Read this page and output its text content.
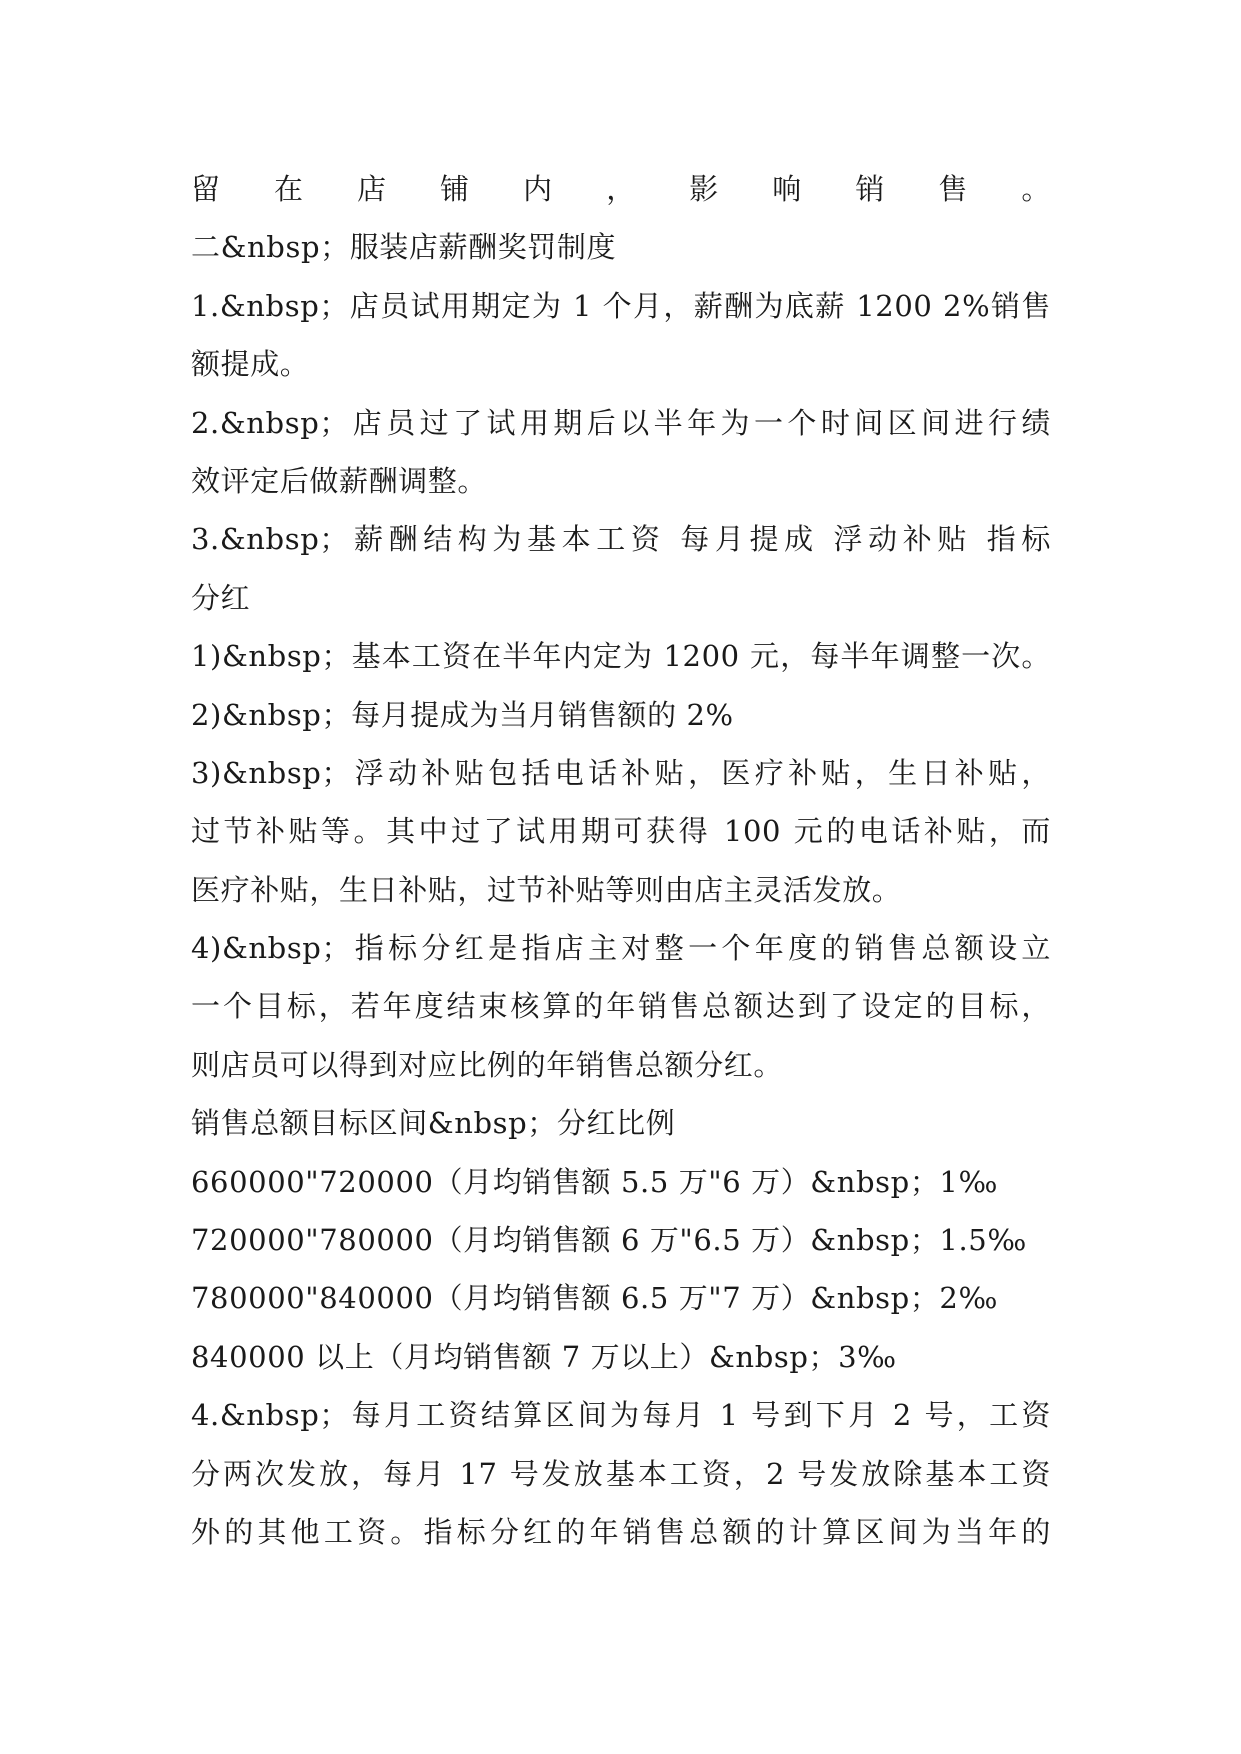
留在店铺内，影响销售。
二&nbsp；服装店薪酬奖罚制度
1.&nbsp；店员试用期定为 1 个月，薪酬为底薪 1200 2%销售
额提成。
2.&nbsp；店员过了试用期后以半年为一个时间区间进行绩
效评定后做薪酬调整。
3.&nbsp；薪酬结构为基本工资 每月提成 浮动补贴 指标
分红
1)&nbsp；基本工资在半年内定为 1200 元，每半年调整一次。
2)&nbsp；每月提成为当月销售额的 2%
3)&nbsp；浮动补贴包括电话补贴，医疗补贴，生日补贴，
过节补贴等。其中过了试用期可获得 100 元的电话补贴，而
医疗补贴，生日补贴，过节补贴等则由店主灵活发放。
4)&nbsp；指标分红是指店主对整一个年度的销售总额设立
一个目标，若年度结束核算的年销售总额达到了设定的目标，
则店员可以得到对应比例的年销售总额分红。
销售总额目标区间&nbsp；分红比例
660000"720000（月均销售额 5.5 万"6 万）&nbsp；1‰
720000"780000（月均销售额 6 万"6.5 万）&nbsp；1.5‰
780000"840000（月均销售额 6.5 万"7 万）&nbsp；2‰
840000 以上（月均销售额 7 万以上）&nbsp；3‰
4.&nbsp；每月工资结算区间为每月 1 号到下月 2 号，工资
分两次发放，每月 17 号发放基本工资，2 号发放除基本工资
外的其他工资。指标分红的年销售总额的计算区间为当年的
